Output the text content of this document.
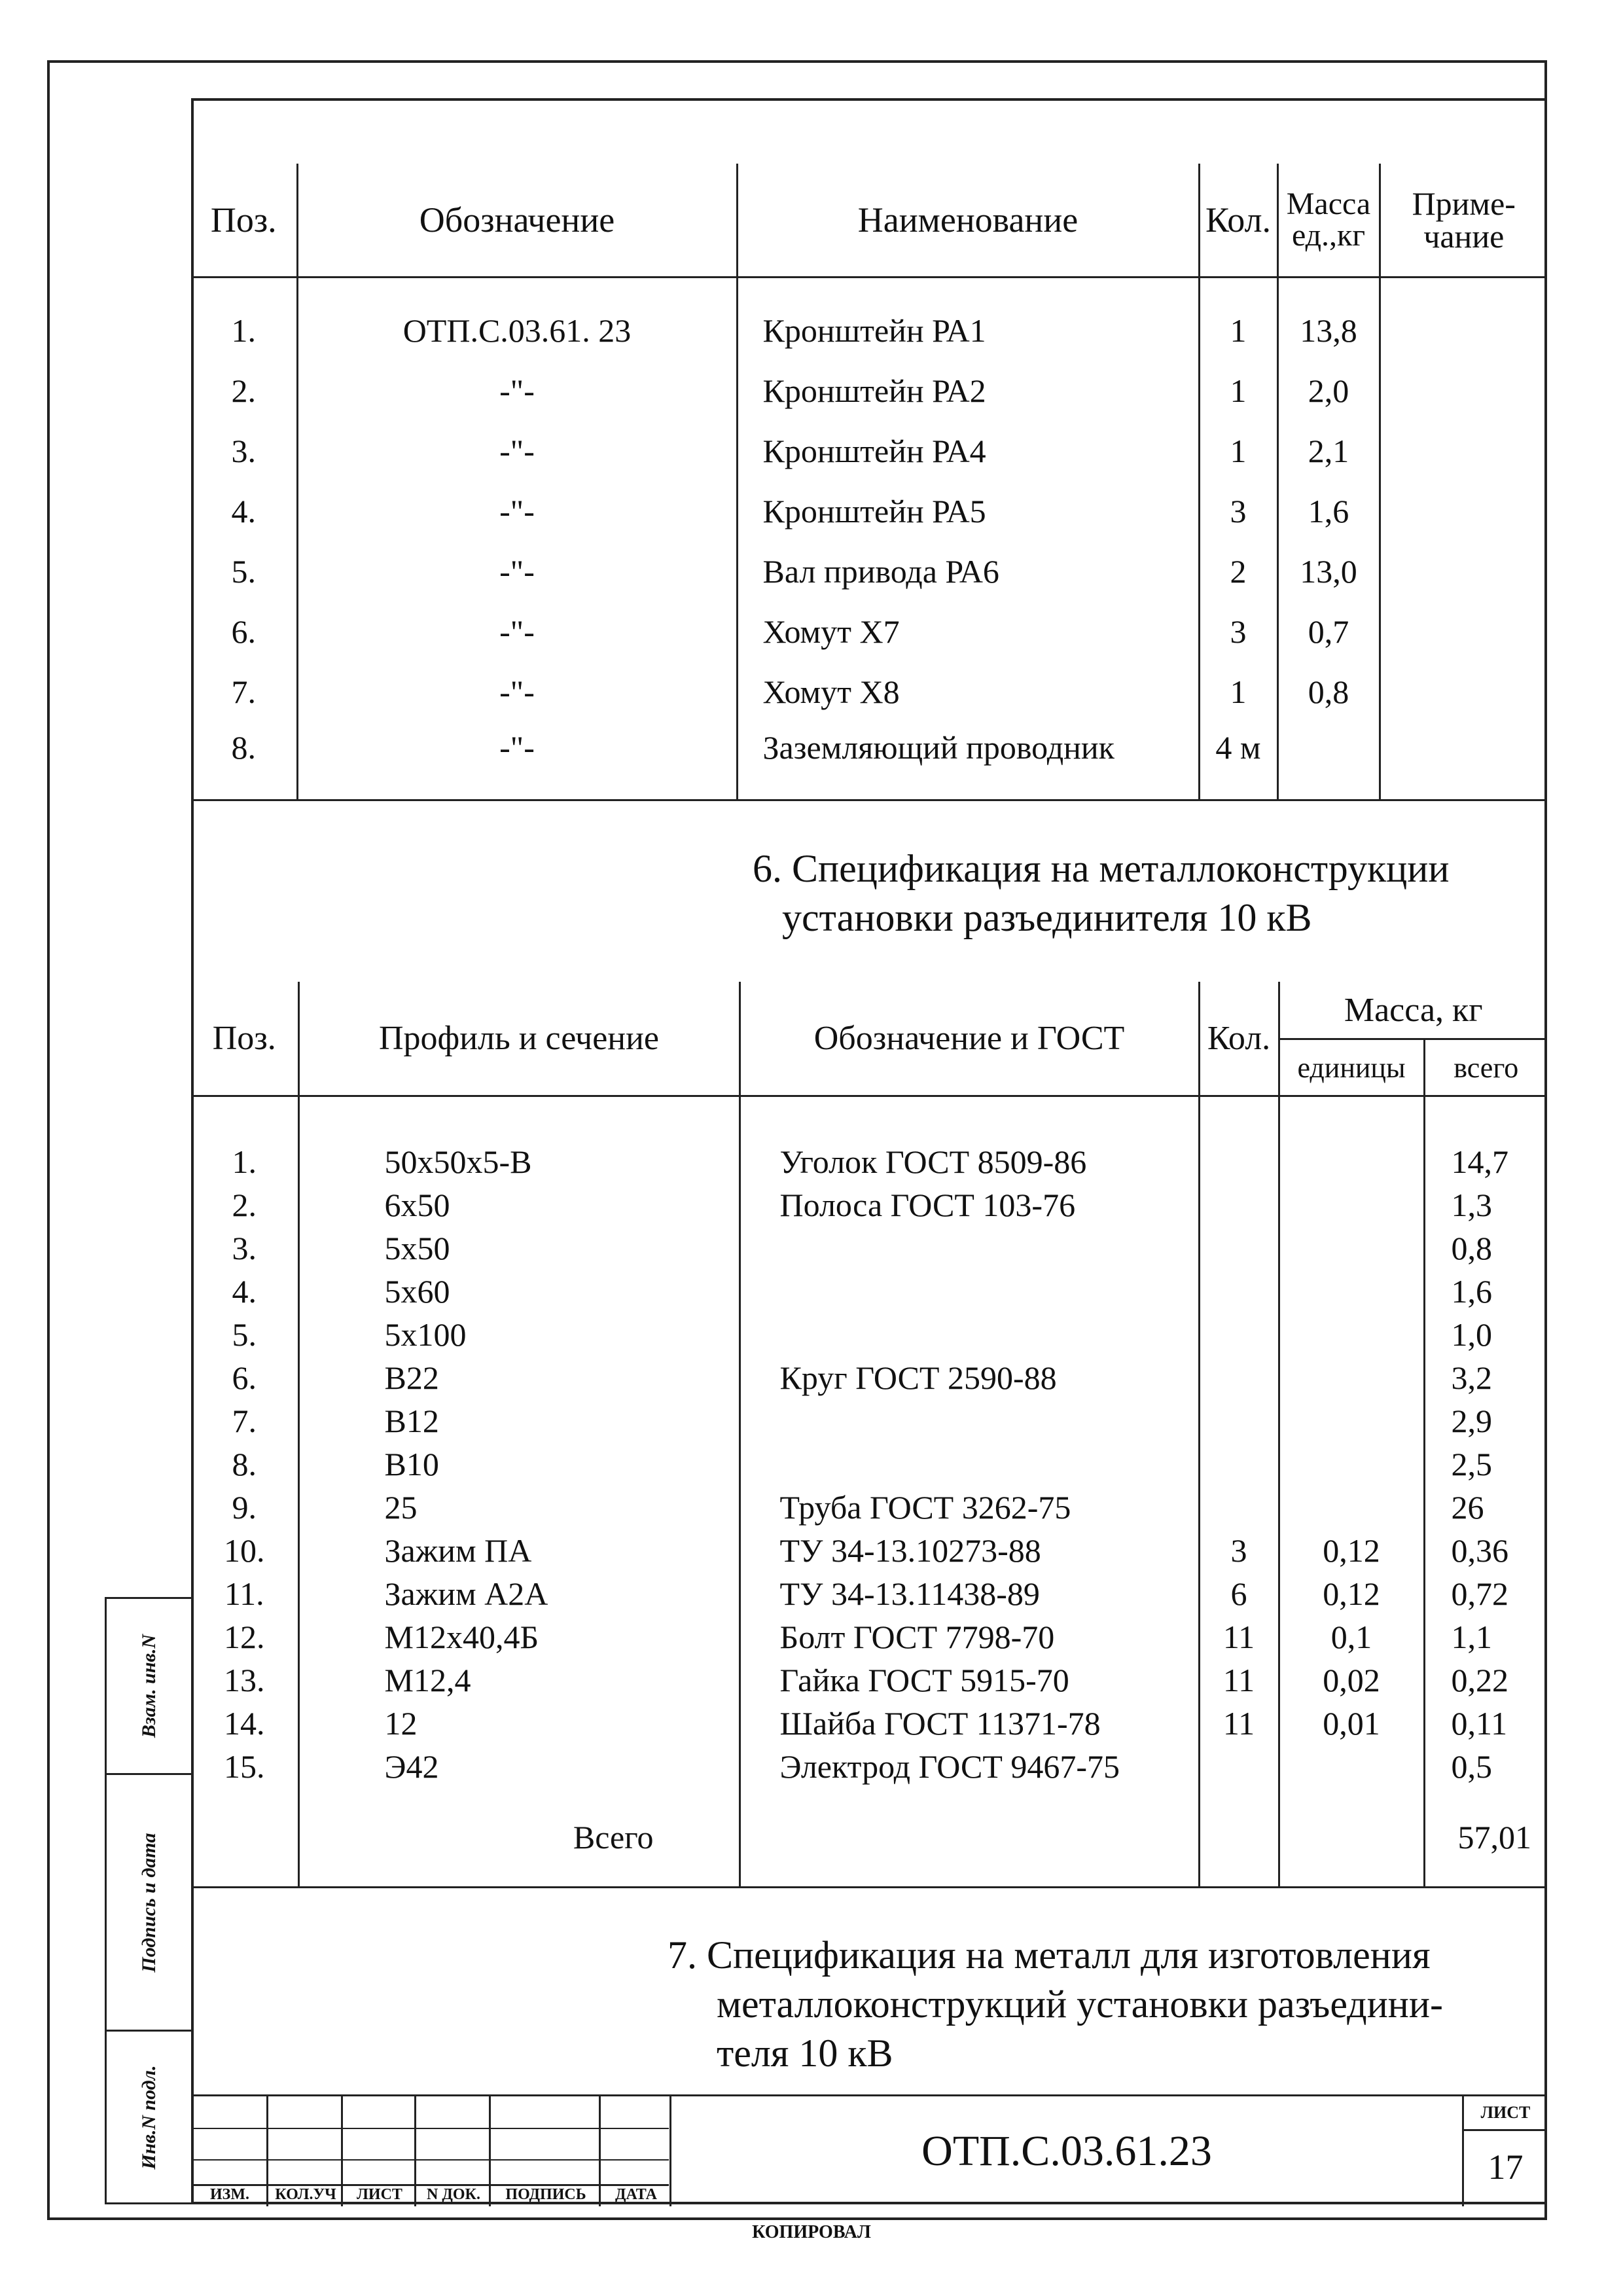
Поз.	Обозначение	Наименование	Кол.	Масса ед.,кг	Приме- чание

1.	ОТП.С.03.61. 23	Кронштейн РА1	1	13,8	
2.	-"-	Кронштейн РА2	1	2,0	
3.	-"-	Кронштейн РА4	1	2,1	
4.	-"-	Кронштейн РА5	3	1,6	
5.	-"-	Вал привода РА6	2	13,0	
6.	-"-	Хомут Х7	3	0,7	
7.	-"-	Хомут Х8	1	0,8	
8.	-"-	Заземляющий проводник	4 м		
6. Спецификация на металлоконструкции
установки разъединителя 10 кВ
Поз.	Профиль и сечение	Обозначение и ГОСТ	Кол.	Масса, кг	
				единицы	всего

1.	50х50х5-В	Уголок ГОСТ 8509-86			14,7
2.	6х50	Полоса ГОСТ 103-76			1,3
3.	5х50				0,8
4.	5х60				1,6
5.	5х100				1,0
6.	В22	Круг ГОСТ 2590-88			3,2
7.	В12				2,9
8.	В10				2,5
9.	25	Труба ГОСТ 3262-75			26
10.	Зажим ПА	ТУ 34-13.10273-88	3	0,12	0,36
11.	Зажим А2А	ТУ 34-13.11438-89	6	0,12	0,72
12.	М12х40,4Б	Болт ГОСТ 7798-70	11	0,1	1,1
13.	М12,4	Гайка ГОСТ 5915-70	11	0,02	0,22
14.	12	Шайба ГОСТ 11371-78	11	0,01	0,11
15.	Э42	Электрод ГОСТ 9467-75			0,5
	Всего				57,01
7. Спецификация на металл для изготовления
металлоконструкций установки разъедини-
теля 10 кВ
Взам. инв.N
Подпись и дата
Инв.N подл.
ИЗМ.	КОЛ.УЧ	ЛИСТ	N ДОК.	ПОДПИСЬ	ДАТА
ОТП.С.03.61.23
ЛИСТ
17
КОПИРОВАЛ
